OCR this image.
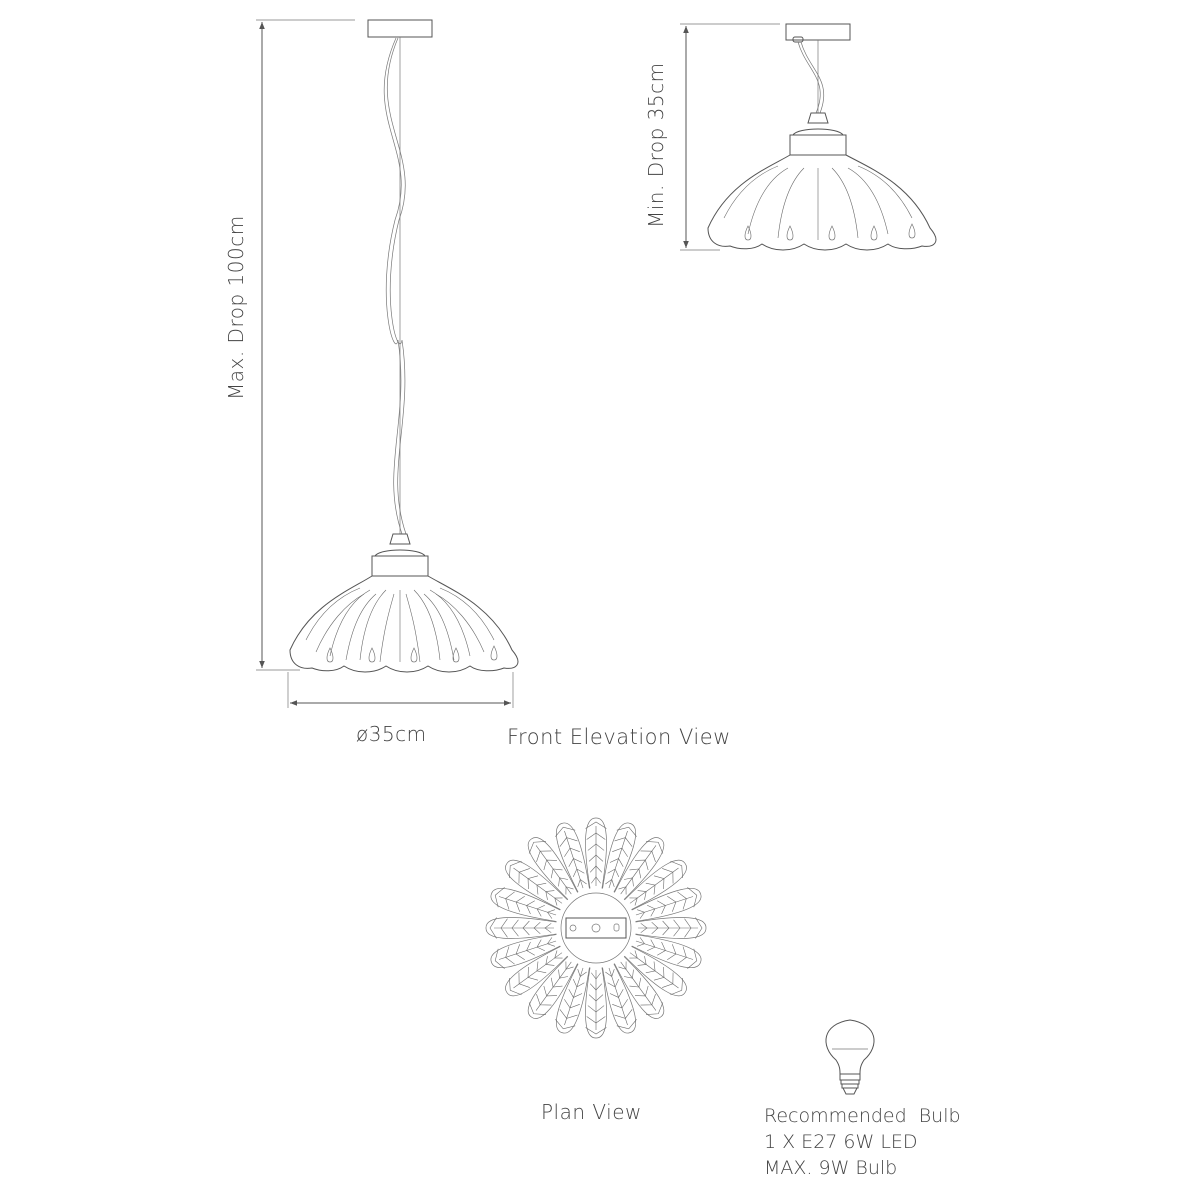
Max. Drop 100cm
Min. Drop 35cm
ø35cm	Front Elevation View
Plan View	Recommended  Bulb
1 X E27 6W LED
MAX. 9W Bulb
